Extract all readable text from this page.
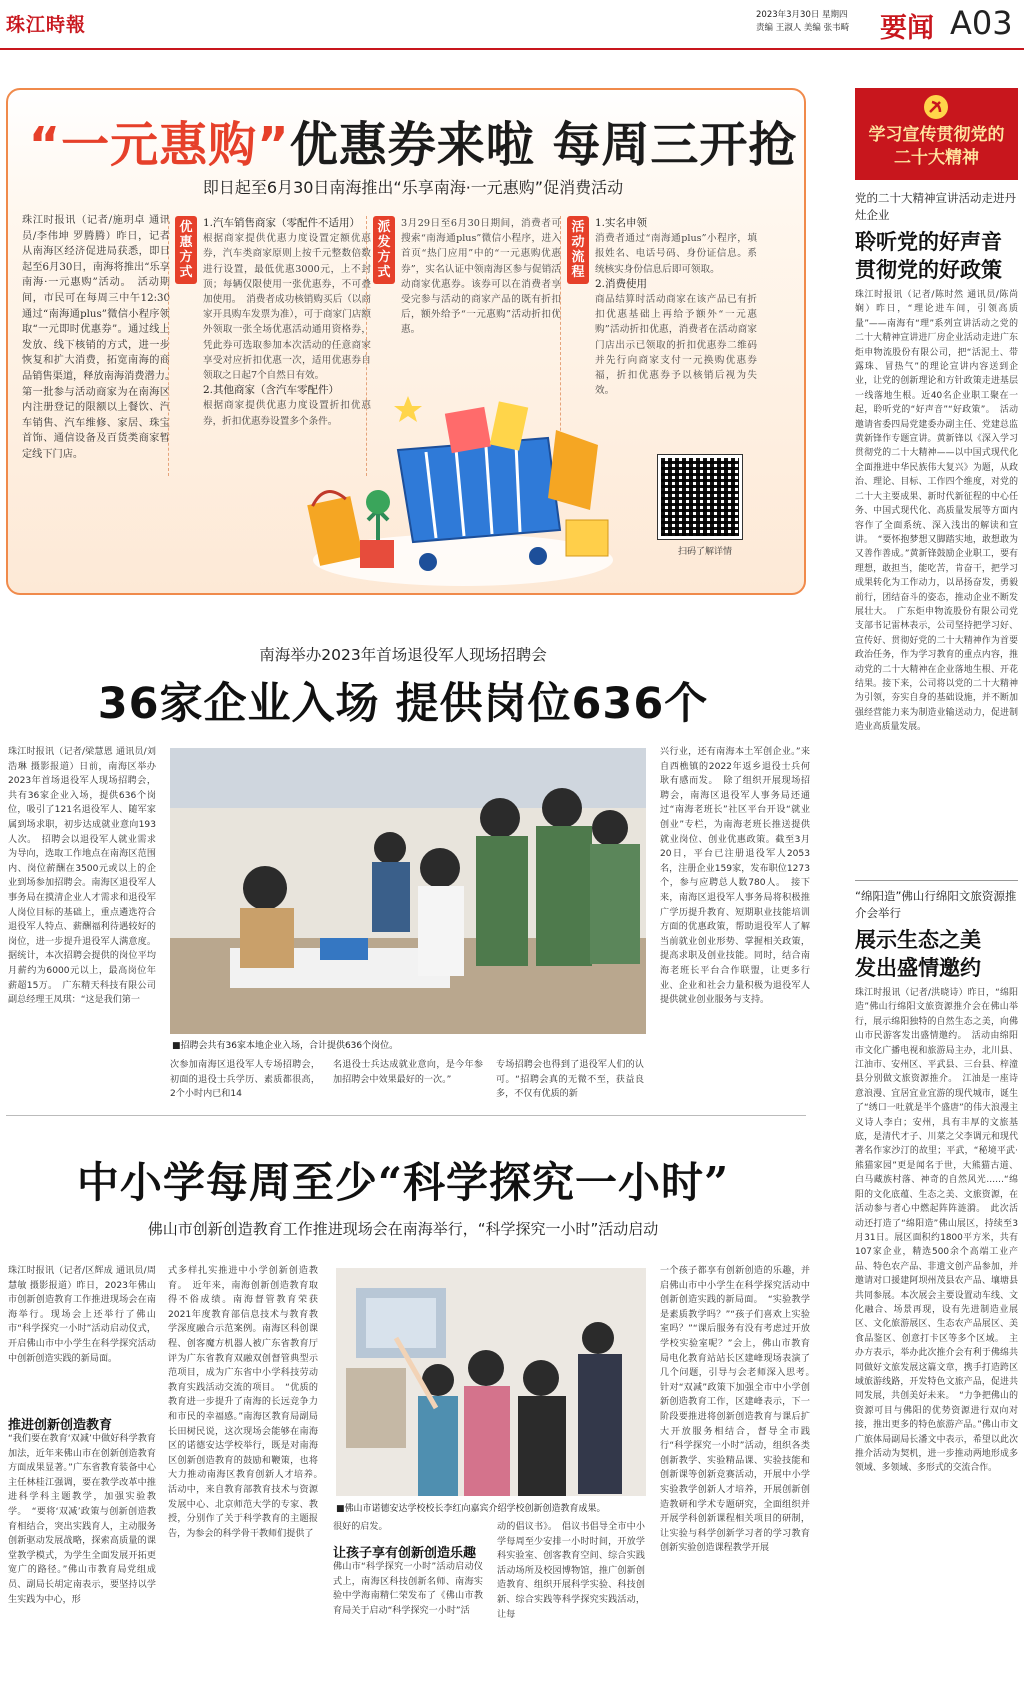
珠江時報	2023年3月30日 星期四
责编 王淑人 美编 张韦畸 要闻 A03
“一元惠购”优惠券来啦 每周三开抢
即日起至6月30日南海推出“乐享南海·一元惠购”促消费活动
珠江时报讯（记者/施玥卓 通讯员/李伟坤 罗腾腾）昨日，记者从南海区经济促进局获悉，即日起至6月30日，南海将推出“乐享南海·一元惠购”活动。　活动期间，市民可在每周三中午12:30通过“南海通plus”微信小程序领取“一元即时优惠券”。通过线上发放、线下核销的方式，进一步恢复和扩大消费，拓宽南海的商品销售渠道，释放南海消费潜力。　第一批参与活动商家为在南海区内注册登记的限额以上餐饮、汽车销售、汽车维修、家居、珠宝首饰、通信设备及百货类商家暂定线下门店。
优惠方式
1.汽车销售商家（零配件不适用）
根据商家提供优惠力度设置定额优惠券，汽车类商家原则上按千元整数倍数进行设置，最低优惠3000元，上不封顶；每辆仅限使用一张优惠券，不可叠加使用。　消费者成功核销购买后（以商家开具购车发票为准），可于商家门店额外领取一张全场优惠活动通用资格券，凭此券可选取参加本次活动的任意商家享受对应折扣优惠一次，适用优惠券自领取之日起7个自然日有效。
2.其他商家（含汽车零配件）
根据商家提供优惠力度设置折扣优惠券，折扣优惠券设置多个条件。
派发方式
3月29日至6月30日期间，消费者可搜索“南海通plus”微信小程序，进入首页“热门应用”中的“一元惠购优惠券”，实名认证中领南海区参与促销活动商家优惠券。该券可以在消费者享受完参与活动的商家产品的既有折扣后，额外给予“一元惠购”活动折扣优惠。
活动流程
1.实名申领
消费者通过“南海通plus”小程序，填报姓名、电话号码、身份证信息。系统核实身份信息后即可领取。
2.消费使用
商品结算时活动商家在该产品已有折扣优惠基础上再给予额外“一元惠购”活动折扣优惠，消费者在活动商家门店出示已领取的折扣优惠券二维码并先行向商家支付一元换购优惠券福，折扣优惠券予以核销后视为失效。
扫码了解详情
学习宣传贯彻党的二十大精神
党的二十大精神宣讲活动走进丹灶企业
聆听党的好声音
贯彻党的好政策
珠江时报讯（记者/陈时然 通讯员/陈尚娴）昨日，“理论进车间，引领高质量”——南海有“理”系列宣讲活动之党的二十大精神宣讲进厂房企业活动走进广东炬申物流股份有限公司，把“活泥土、带露珠、冒热气”的理论宣讲内容送到企业，让党的创新理论和方针政策走进基层一线落地生根。近40名企业职工聚在一起，聆听党的“好声音”“好政策”。　活动邀请省委四局党建委办副主任、党建总监黄新锋作专题宣讲。黄新锋以《深入学习贯彻党的二十大精神——以中国式现代化全面推进中华民族伟大复兴》为题，从政治、理论、目标、工作四个维度，对党的二十大主要成果、新时代新征程的中心任务、中国式现代化、高质量发展等方面内容作了全面系统、深入浅出的解读和宣讲。　“要怀抱梦想又脚踏实地，敢想敢为又善作善成。”黄新锋鼓励企业职工，要有理想，敢担当，能吃苦，肯奋干，把学习成果转化为工作动力，以昂扬奋发，勇毅前行，团结奋斗的姿态，推动企业不断发展壮大。　广东炬申物流股份有限公司党支部书记雷林表示，公司坚持把学习好、宣传好、贯彻好党的二十大精神作为首要政治任务，作为学习教育的重点内容，推动党的二十大精神在企业落地生根、开花结果。接下来，公司将以党的二十大精神为引领，夯实自身的基础设施，并不断加强经营能力来为制造业输送动力，促进制造业高质量发展。
“绵阳造”佛山行绵阳文旅资源推介会举行
展示生态之美
发出盛情邀约
珠江时报讯（记者/洪晓诗）昨日，“绵阳造”佛山行绵阳文旅资源推介会在佛山举行，展示绵阳独特的自然生态之美，向佛山市民游客发出盛情邀约。　活动由绵阳市文化广播电视和旅游局主办，北川县、江油市、安州区、平武县、三台县、梓潼县分别做文旅资源推介。　江油是一座诗意浪漫、宜居宜业宜游的现代城市，诞生了“绣口一吐就是半个盛唐”的伟大浪漫主义诗人李白；安州，具有丰厚的文旅基底，是清代才子、川菜之父李调元和现代著名作家沙汀的故里；平武，“秘境平武·熊猫家园”更是闻名于世，大熊猫古道、白马藏族村落、神奇的自然风光……“绵阳的文化底蕴、生态之美、文旅资源，在活动参与者心中燃起阵阵涟漪。　此次活动还打造了“绵阳造”佛山展区，持续至3月31日。展区面积约1800平方米，共有107家企业，精选500余个高端工业产品、特色农产品、非遗文创产品参加，并邀请对口援建阿坝州茂县农产品、壤塘县共同参展。本次展会主要设置动车线、文化融合、场景再现，设有先进制造业展区、文化旅游展区、生态农产品展区、美食品鉴区、创意打卡区等多个区域。　主办方表示，举办此次推介会有利于佛绵共同做好文旅发展这篇文章，携手打造跨区域旅游线路，开发特色文旅产品，促进共同发展，共创美好未来。　“力争把佛山的资源可目与佛阳的优势资源进行双向对接，推出更多的特色旅游产品。”佛山市文广旅体局副局长潘文中表示，希望以此次推介活动为契机，进一步推动两地形成多领域、多领域、多形式的交流合作。
南海举办2023年首场退役军人现场招聘会
36家企业入场 提供岗位636个
珠江时报讯（记者/梁慧恩 通讯员/刘浩琳 摄影报道）日前，南海区举办2023年首场退役军人现场招聘会，共有36家企业入场，提供636个岗位，吸引了121名退役军人、随军家属到场求职，初步达成就业意向193人次。　招聘会以退役军人就业需求为导向，选取工作地点在南海区范围内、岗位薪酬在3500元或以上的企业到场参加招聘会。南海区退役军人事务局在摸清企业人才需求和退役军人岗位目标的基础上，重点遴选符合退役军人特点、薪酬福利待遇较好的岗位，进一步提升退役军人满意度。据统计，本次招聘会提供的岗位平均月薪约为6000元以上，最高岗位年薪超15万。　广东精天科技有限公司副总经理王凤琪：“这是我们第一
■招聘会共有36家本地企业入场，合计提供636个岗位。
次参加南海区退役军人专场招聘会，初面的退役士兵学历、素质都很高，2个小时内已和14
名退役士兵达成就业意向，是今年参加招聘会中效果最好的一次。”
专场招聘会也得到了退役军人们的认可。“招聘会真的无微不至，获益良多，不仅有优质的新
兴行业，还有南海本土军创企业。”来自西樵镇的2022年返乡退役士兵何耿有感而发。　除了组织开展现场招聘会，南海区退役军人事务局还通过“南海老班长”社区平台开设“就业创业”专栏，为南海老班长推送提供就业岗位、创业优惠政策。截至3月20日，平台已注册退役军人2053名，注册企业159家，发布职位1273个，参与应聘总人数780人。　接下来，南海区退役军人事务局将积极推广学历提升教育、短期职业技能培训方面的优惠政策，帮助退役军人了解当前就业创业形势、掌握相关政策，提高求职及创业技能。同时，结合南海老班长平台合作联盟，让更多行业、企业和社会力量积极为退役军人提供就业创业服务与支持。
中小学每周至少“科学探究一小时”
佛山市创新创造教育工作推进现场会在南海举行，“科学探究一小时”活动启动
珠江时报讯（记者/区辉成 通讯员/周慧敏 摄影报道）昨日，2023年佛山市创新创造教育工作推进现场会在南海举行。现场会上还举行了佛山市“科学探究一小时”活动启动仪式，开启佛山市中小学生在科学探究活动中创新创造实践的新局面。
推进创新创造教育
“我们要在教育‘双减’中做好科学教育加法，近年来佛山市在创新创造教育方面成果显著。”广东省教育装备中心主任林桂江强调，要在教学改革中推进科学科主题教学，加强实验教学。　“要将‘双减’政策与创新创造教育相结合，突出实践育人，主动服务创新驱动发展战略，探索高质量的课堂教学模式，为学生全面发展开拓更宽广的路径。”佛山市教育局党组成员、副局长胡定南表示，要坚持以学生实践为中心，形
式多样扎实推进中小学创新创造教育。　近年来，南海创新创造教育取得不俗成绩。南海督管教育荣获2021年度教育部信息技术与教育教学深度融合示范案例。南海区科创课程、创客魔方机器人被广东省教育厅评为广东省教育双融双创督管典型示范项目，成为广东省中小学科技劳动教育实践活动交流的项目。　“优质的教育进一步提升了南海的长远竞争力和市民的幸福感。”南海区教育局副局长田树民说，这次现场会能够在南海区的诺德安达学校举行，既是对南海区创新创造教育的鼓励和鞭策，也将大力推动南海区教育创新人才培养。　活动中，来自教育部教育技术与资源发展中心、北京师范大学的专家、教授，分别作了关于科学教育的主题报告，为参会的科学骨干教师们提供了
■佛山市诺德安达学校校长李红向嘉宾介绍学校创新创造教育成果。
很好的启发。
让孩子享有创新创造乐趣
佛山市“科学探究一小时”活动启动仪式上，南海区科技创新名师、南海实验中学海南精仁荣发布了《佛山市教育局关于启动“科学探究一小时”活
动的倡议书》。　倡议书倡导全市中小学每周至少安排一小时时间，开放学科实验室、创客教育空间、综合实践活动场所及校园博物馆，推广创新创造教育、组织开展科学实验、科技创新、综合实践等科学探究实践活动，让每
一个孩子都享有创新创造的乐趣，并启佛山市中小学生在科学探究活动中创新创造实践的新局面。　“实验教学是素质教学吗？”“孩子们喜欢上实验室吗？”“课后服务有没有考虑过开放学校实验室呢？”会上，佛山市教育局电化教育站站长区建峰现场表演了几个问题，引导与会老师深入思考。　针对“双减”政策下加强全市中小学创新创造教育工作，区建峰表示，下一阶段要推进将创新创造教育与课后扩大开放服务相结合，督导全市践行“科学探究一小时”活动，组织各类创新教学、实验精品课、实验技能和创新课等创新竞赛活动，开展中小学实验教学创新人才培养，开展创新创造教研和学术专题研究，全面组织并开展学科创新课程相关项目的研制，让实验与科学创新学习者的学习教育创新实验创造课程教学开展
